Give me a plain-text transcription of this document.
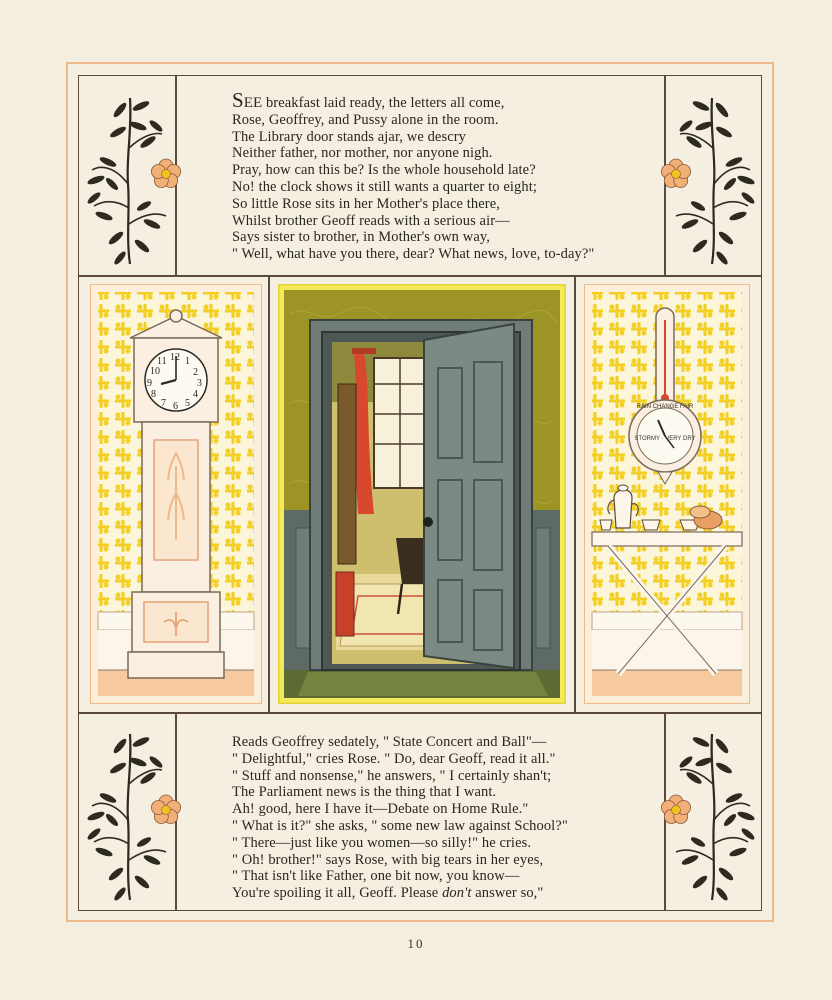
SEE breakfast laid ready, the letters all come,
Rose, Geoffrey, and Pussy alone in the room.
The Library door stands ajar, we descry
Neither father, nor mother, nor anyone nigh.
Pray, how can this be? Is the whole household late?
No! the clock shows it still wants a quarter to eight;
So little Rose sits in her Mother's place there,
Whilst brother Geoff reads with a serious air—
Says sister to brother, in Mother's own way,
" Well, what have you there, dear? What news, love, to-day?"
Reads Geoffrey sedately, " State Concert and Ball"—
" Delightful," cries Rose. " Do, dear Geoff, read it all."
" Stuff and nonsense," he answers, " I certainly shan't;
The Parliament news is the thing that I want.
Ah! good, here I have it—Debate on Home Rule."
" What is it?" she asks, " some new law against School?"
" There—just like you women—so silly!" he cries.
" Oh! brother!" says Rose, with big tears in her eyes,
" That isn't like Father, one bit now, you know—
You're spoiling it all, Geoff. Please don't answer so,"
12 1
2
3
4
5
6
7
8
9
10
11
RAIN CHANGE FAIR
STORMY · VERY DRY
10
